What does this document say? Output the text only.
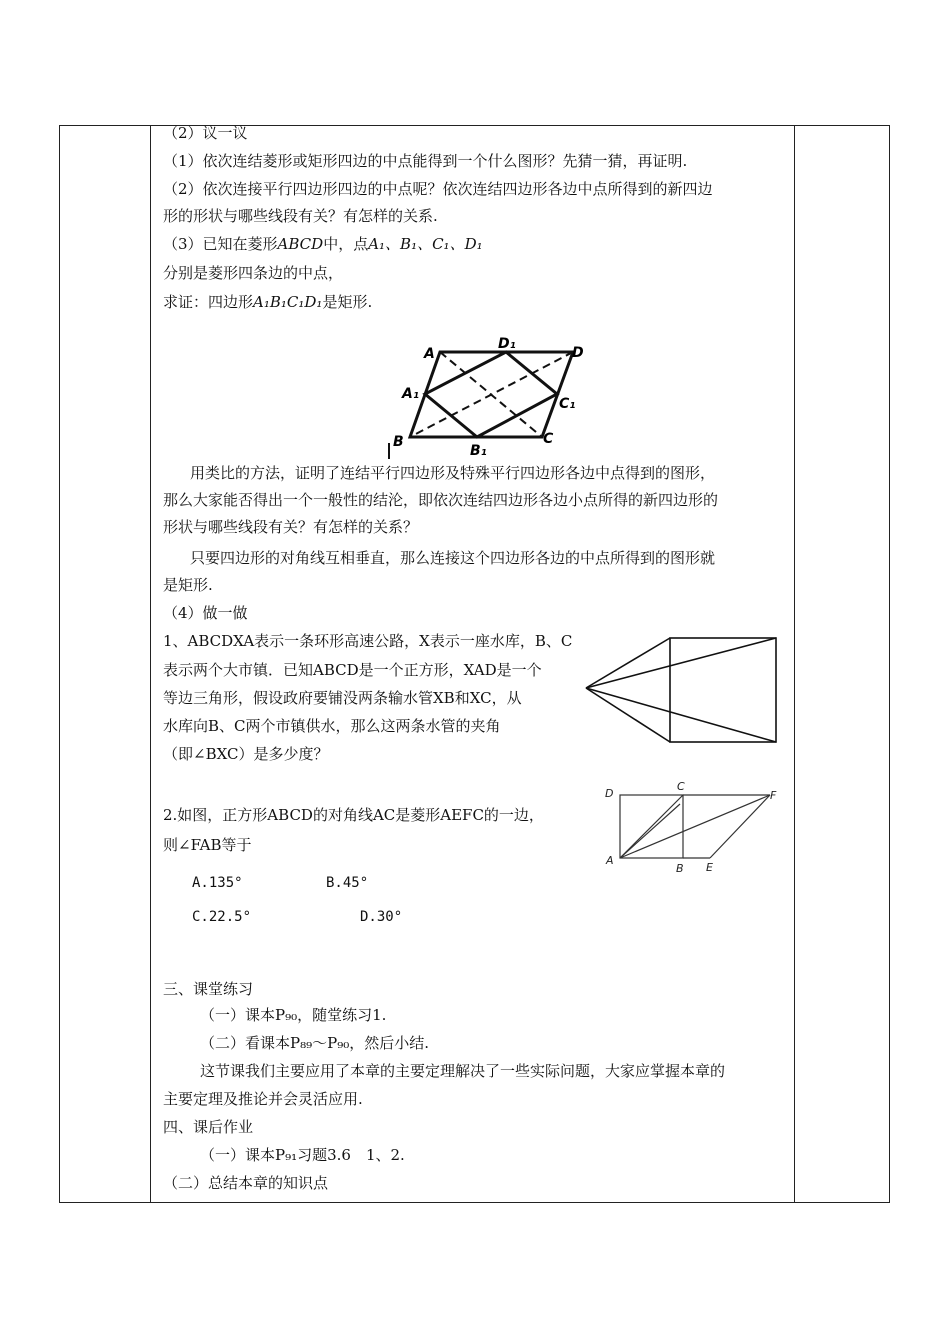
（2）议一议
（1）依次连结菱形或矩形四边的中点能得到一个什么图形？先猜一猜，再证明.
（2）依次连接平行四边形四边的中点呢？依次连结四边形各边中点所得到的新四边
形的形状与哪些线段有关？有怎样的关系.
（3）已知在菱形ABCD中，点A₁、B₁、C₁、D₁
分别是菱形四条边的中点，
求证：四边形A₁B₁C₁D₁是矩形.
A
D₁
D
A₁
C₁
B
B₁
C
用类比的方法，证明了连结平行四边形及特殊平行四边形各边中点得到的图形，
那么大家能否得出一个一般性的结沦，即依次连结四边形各边小点所得的新四边形的
形状与哪些线段有关？有怎样的关系？
只要四边形的对角线互相垂直，那么连接这个四边形各边的中点所得到的图形就
是矩形.
（4）做一做
1、ABCDXA表示一条环形高速公路，X表示一座水库，B、C
表示两个大市镇．已知ABCD是一个正方形，XAD是一个
等边三角形，假设政府要铺没两条输水管XB和XC，从
水库向B、C两个市镇供水，那么这两条水管的夹角
（即∠BXC）是多少度？
2.如图，正方形ABCD的对角线AC是菱形AEFC的一边，
则∠FAB等于
D
C
F
A
B E
A.135°	B.45°
C.22.5°	D.30°
三、课堂练习
（一）课本P₉₀，随堂练习1.
（二）看课本P₈₉～P₉₀，然后小结.
这节课我们主要应用了本章的主要定理解决了一些实际问题，大家应掌握本章的
主要定理及推论并会灵活应用.
四、课后作业
（一）课本P₉₁习题3.6　1、2.
（二）总结本章的知识点
